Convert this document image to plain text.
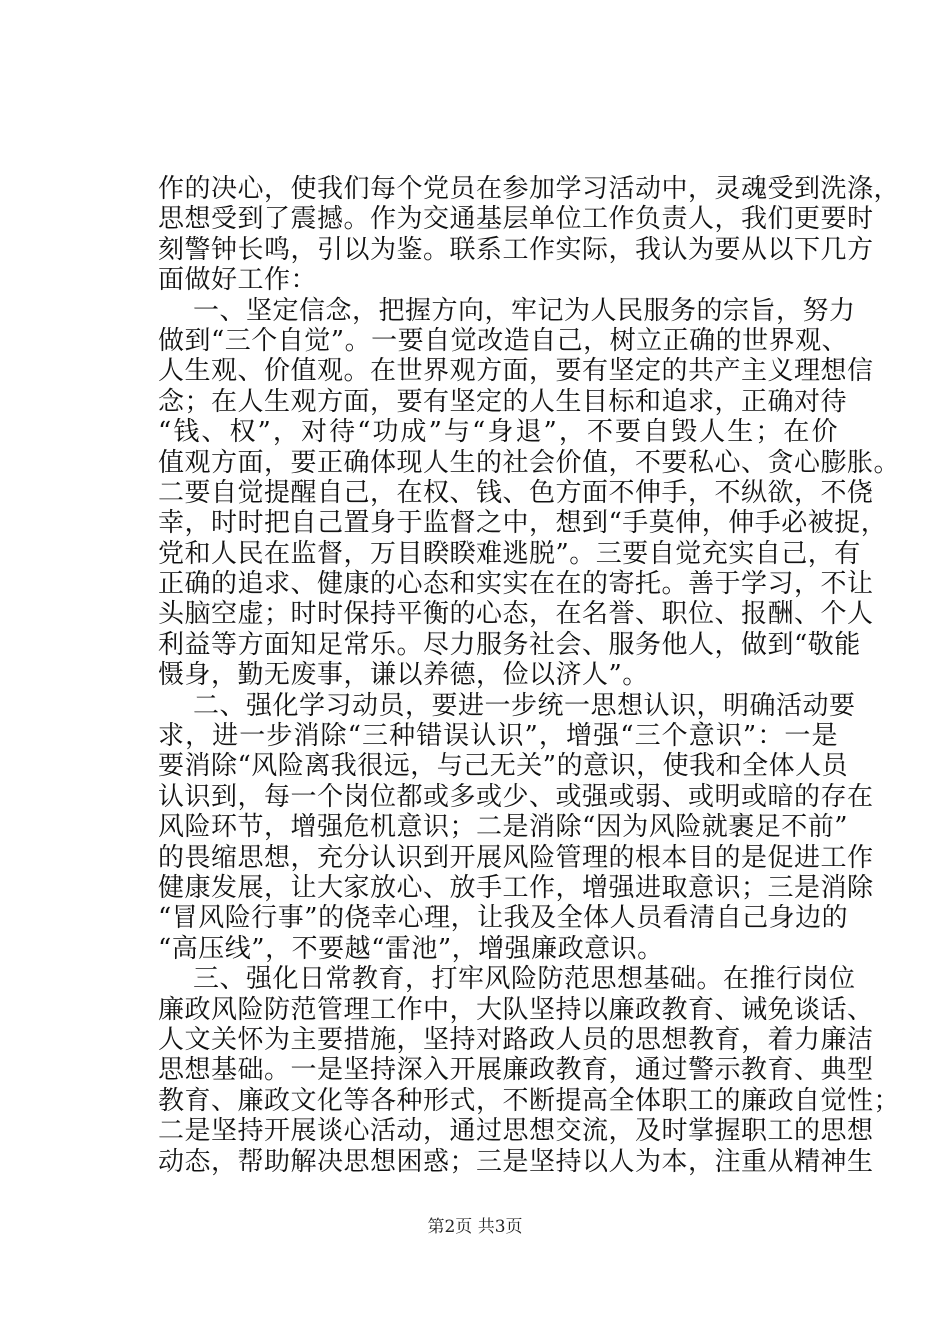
作的决心，使我们每个党员在参加学习活动中，灵魂受到洗涤，
思想受到了震撼。作为交通基层单位工作负责人，我们更要时
刻警钟长鸣，引以为鉴。联系工作实际，我认为要从以下几方
面做好工作：
一、坚定信念，把握方向，牢记为人民服务的宗旨，努力
做到“三个自觉”。一要自觉改造自己，树立正确的世界观、
人生观、价值观。在世界观方面，要有坚定的共产主义理想信
念；在人生观方面，要有坚定的人生目标和追求，正确对待
“钱、权”，对待“功成”与“身退”，不要自毁人生；在价
值观方面，要正确体现人生的社会价值，不要私心、贪心膨胀。
二要自觉提醒自己，在权、钱、色方面不伸手，不纵欲，不侥
幸，时时把自己置身于监督之中，想到“手莫伸，伸手必被捉，
党和人民在监督，万目睽睽难逃脱”。三要自觉充实自己，有
正确的追求、健康的心态和实实在在的寄托。善于学习，不让
头脑空虚；时时保持平衡的心态，在名誉、职位、报酬、个人
利益等方面知足常乐。尽力服务社会、服务他人，做到“敬能
慑身，勤无废事，谦以养德，俭以济人”。
二、强化学习动员，要进一步统一思想认识，明确活动要
求，进一步消除“三种错误认识”，增强“三个意识”：一是
要消除“风险离我很远，与己无关”的意识，使我和全体人员
认识到，每一个岗位都或多或少、或强或弱、或明或暗的存在
风险环节，增强危机意识；二是消除“因为风险就裹足不前”
的畏缩思想，充分认识到开展风险管理的根本目的是促进工作
健康发展，让大家放心、放手工作，增强进取意识；三是消除
“冒风险行事”的侥幸心理，让我及全体人员看清自己身边的
“高压线”，不要越“雷池”，增强廉政意识。
三、强化日常教育，打牢风险防范思想基础。在推行岗位
廉政风险防范管理工作中，大队坚持以廉政教育、诫免谈话、
人文关怀为主要措施，坚持对路政人员的思想教育，着力廉洁
思想基础。一是坚持深入开展廉政教育，通过警示教育、典型
教育、廉政文化等各种形式，不断提高全体职工的廉政自觉性；
二是坚持开展谈心活动，通过思想交流，及时掌握职工的思想
动态，帮助解决思想困惑；三是坚持以人为本，注重从精神生
第2页 共3页
